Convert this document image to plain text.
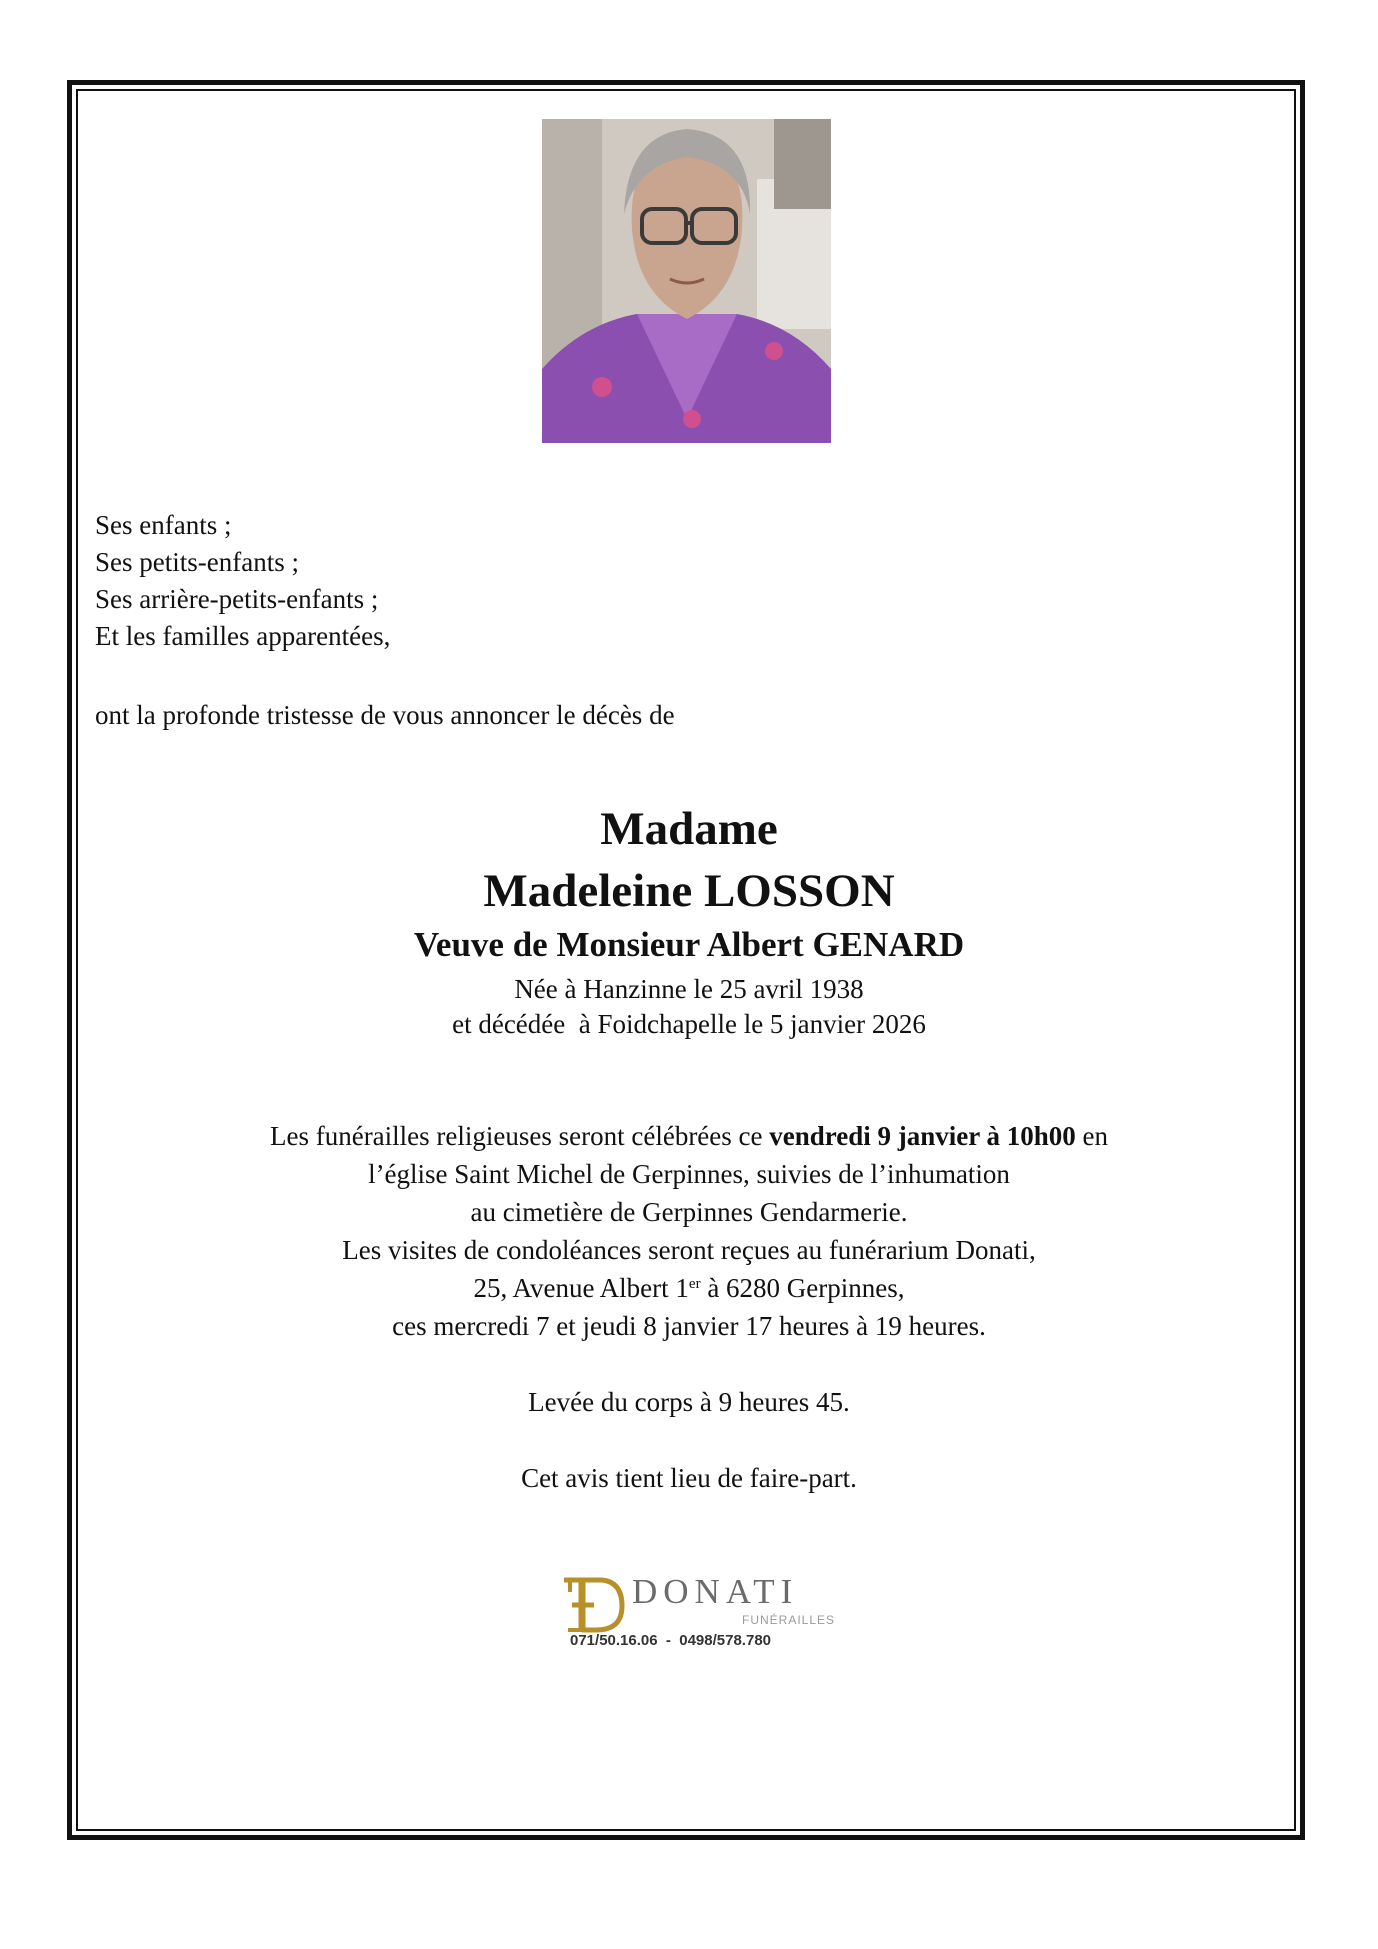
Ses enfants ;
Ses petits-enfants ;
Ses arrière-petits-enfants ;
Et les familles apparentées,
ont la profonde tristesse de vous annoncer le décès de
Madame
Madeleine LOSSON
Veuve de Monsieur Albert GENARD
Née à Hanzinne le 25 avril 1938
et décédée  à Foidchapelle le 5 janvier 2026
Les funérailles religieuses seront célébrées ce vendredi 9 janvier à 10h00 en
l’église Saint Michel de Gerpinnes, suivies de l’inhumation
au cimetière de Gerpinnes Gendarmerie.
Les visites de condoléances seront reçues au funérarium Donati,
25, Avenue Albert 1er à 6280 Gerpinnes,
ces mercredi 7 et jeudi 8 janvier 17 heures à 19 heures.
Levée du corps à 9 heures 45.
Cet avis tient lieu de faire-part.
DONATI
FUNÉRAILLES
071/50.16.06  -  0498/578.780
